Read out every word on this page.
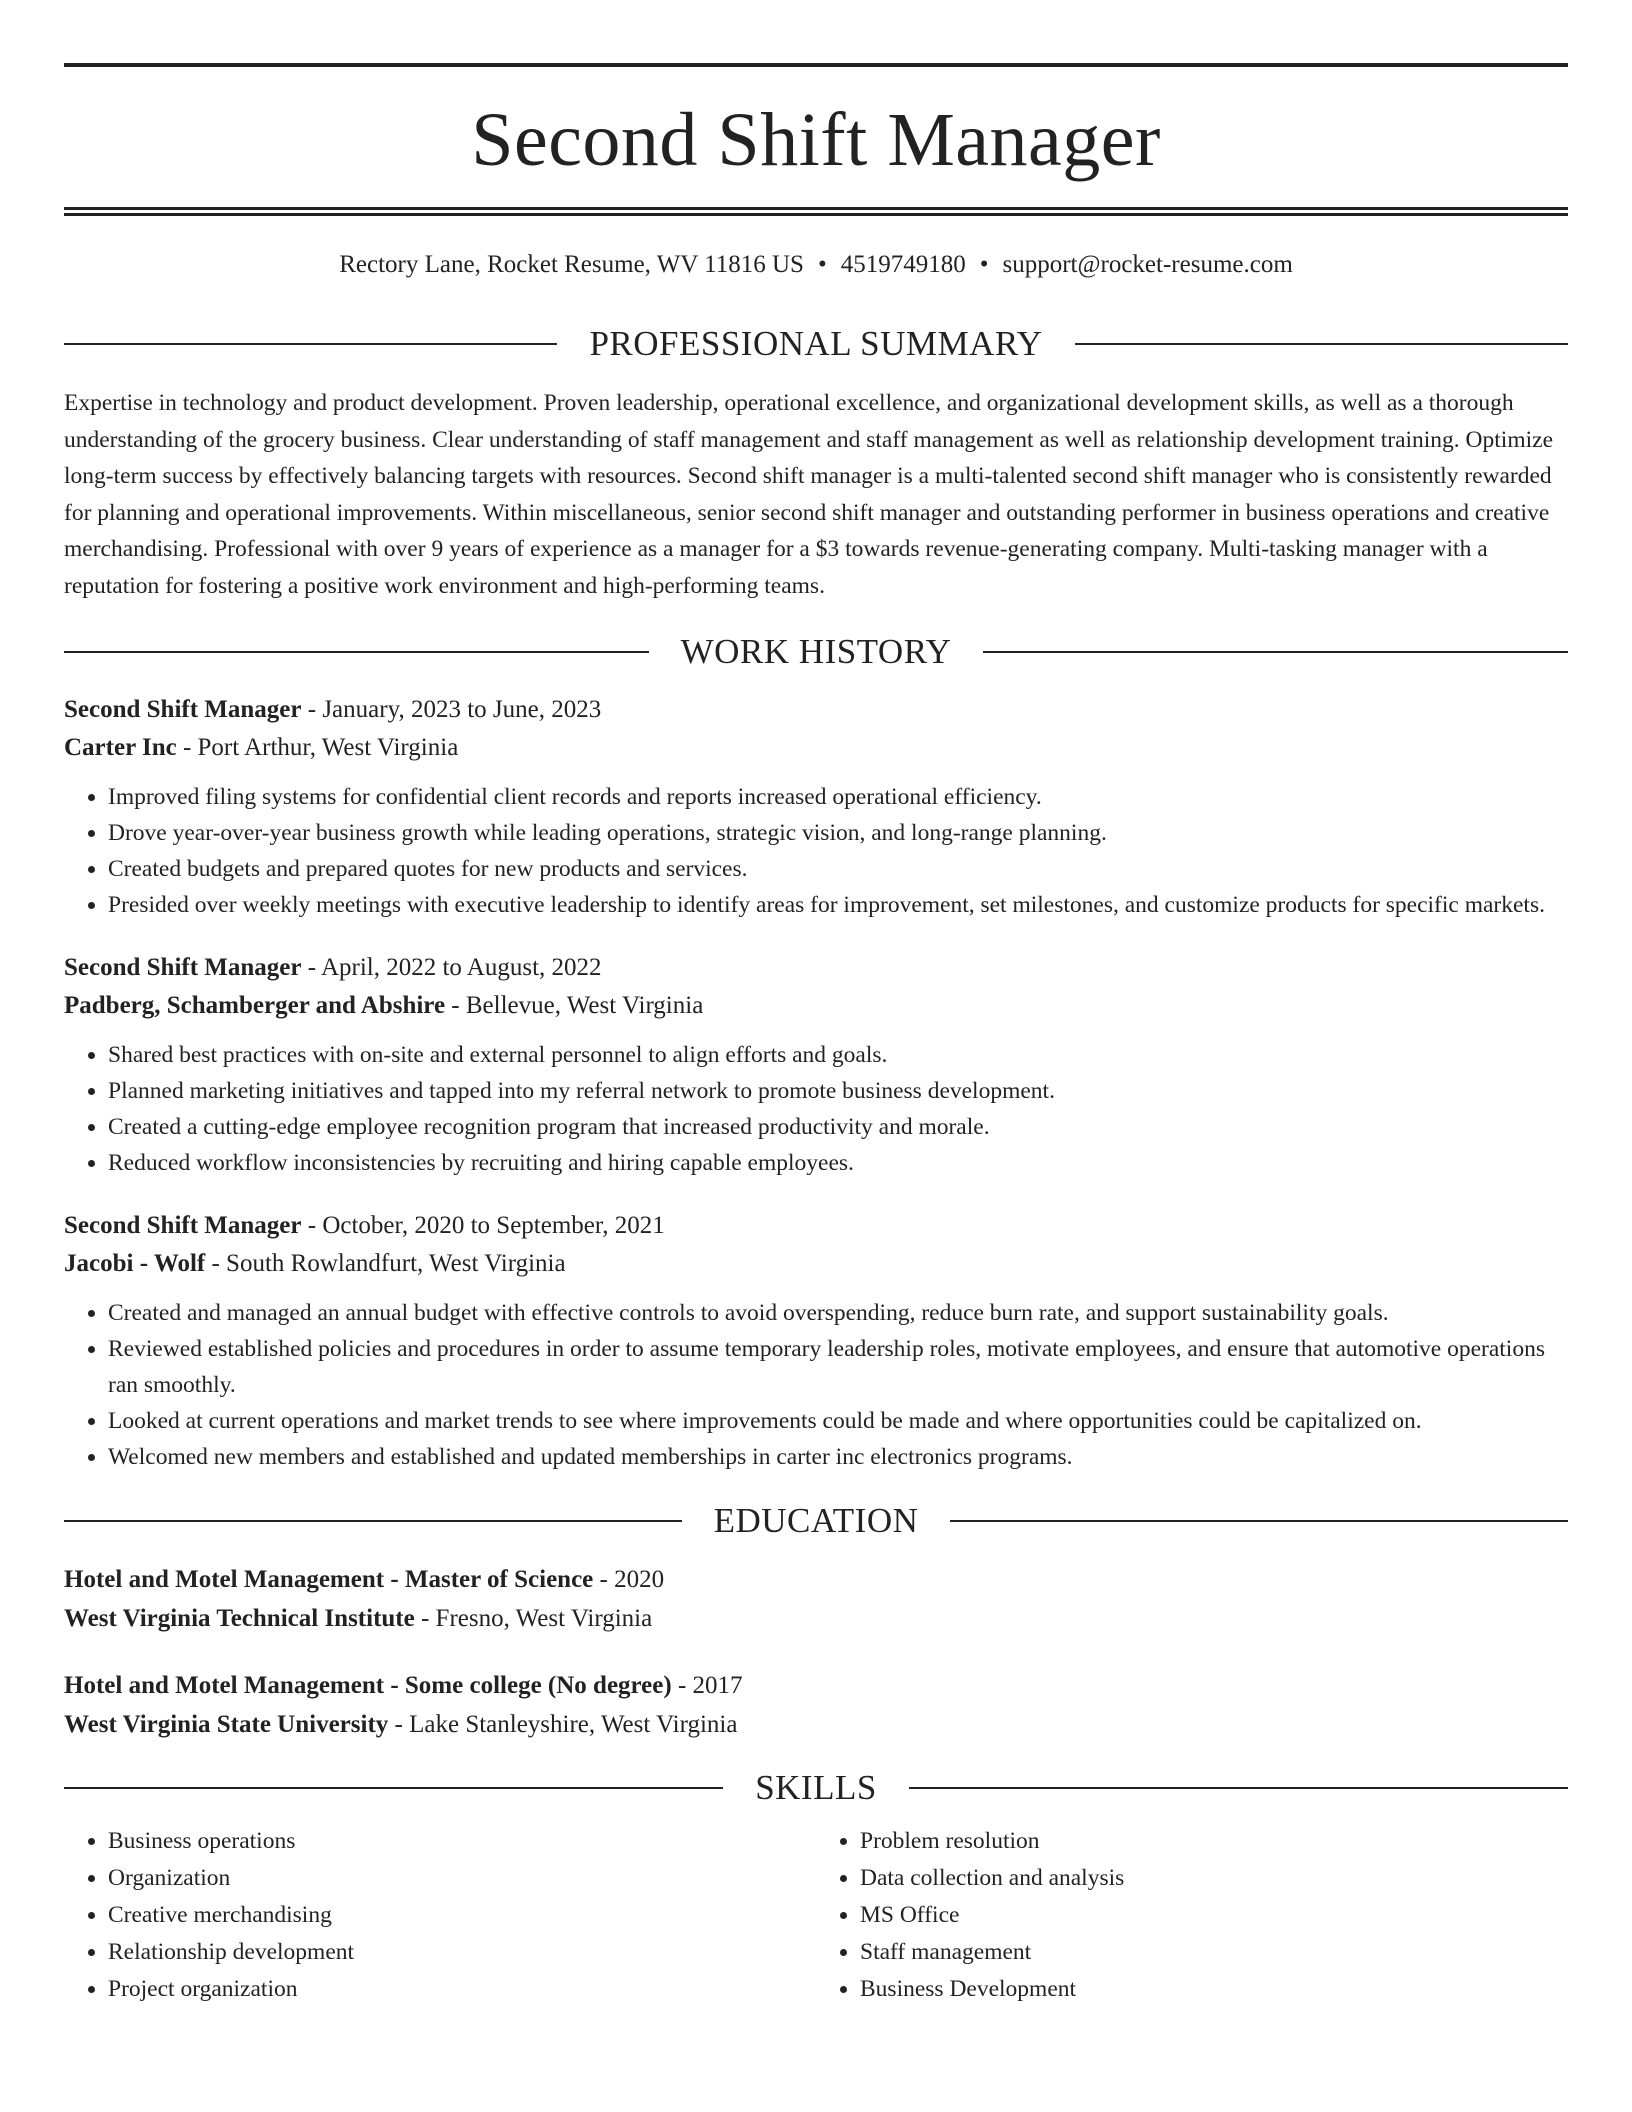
Second Shift Manager
Rectory Lane, Rocket Resume, WV 11816 US • 4519749180 • support@rocket-resume.com
PROFESSIONAL SUMMARY

Expertise in technology and product development. Proven leadership, operational excellence, and organizational development skills, as well as a thorough understanding of the grocery business. Clear understanding of staff management and staff management as well as relationship development training. Optimize long-term success by effectively balancing targets with resources. Second shift manager is a multi-talented second shift manager who is consistently rewarded for planning and operational improvements. Within miscellaneous, senior second shift manager and outstanding performer in business operations and creative merchandising. Professional with over 9 years of experience as a manager for a $3 towards revenue-generating company. Multi-tasking manager with a reputation for fostering a positive work environment and high-performing teams.

WORK HISTORY
Second Shift Manager - January, 2023 to June, 2023
Carter Inc - Port Arthur, West Virginia
• Improved filing systems for confidential client records and reports increased operational efficiency.
• Drove year-over-year business growth while leading operations, strategic vision, and long-range planning.
• Created budgets and prepared quotes for new products and services.
• Presided over weekly meetings with executive leadership to identify areas for improvement, set milestones, and customize products for specific markets.
Second Shift Manager - April, 2022 to August, 2022
Padberg, Schamberger and Abshire - Bellevue, West Virginia
• Shared best practices with on-site and external personnel to align efforts and goals.
• Planned marketing initiatives and tapped into my referral network to promote business development.
• Created a cutting-edge employee recognition program that increased productivity and morale.
• Reduced workflow inconsistencies by recruiting and hiring capable employees.
Second Shift Manager - October, 2020 to September, 2021
Jacobi - Wolf - South Rowlandfurt, West Virginia
• Created and managed an annual budget with effective controls to avoid overspending, reduce burn rate, and support sustainability goals.
• Reviewed established policies and procedures in order to assume temporary leadership roles, motivate employees, and ensure that automotive operations ran smoothly.
• Looked at current operations and market trends to see where improvements could be made and where opportunities could be capitalized on.
• Welcomed new members and established and updated memberships in carter inc electronics programs.
EDUCATION
Hotel and Motel Management - Master of Science - 2020
West Virginia Technical Institute - Fresno, West Virginia
Hotel and Motel Management - Some college (No degree) - 2017
West Virginia State University - Lake Stanleyshire, West Virginia
SKILLS
• Business operations
• Organization
• Creative merchandising
• Relationship development
• Project organization
• Problem resolution
• Data collection and analysis
• MS Office
• Staff management
• Business Development
